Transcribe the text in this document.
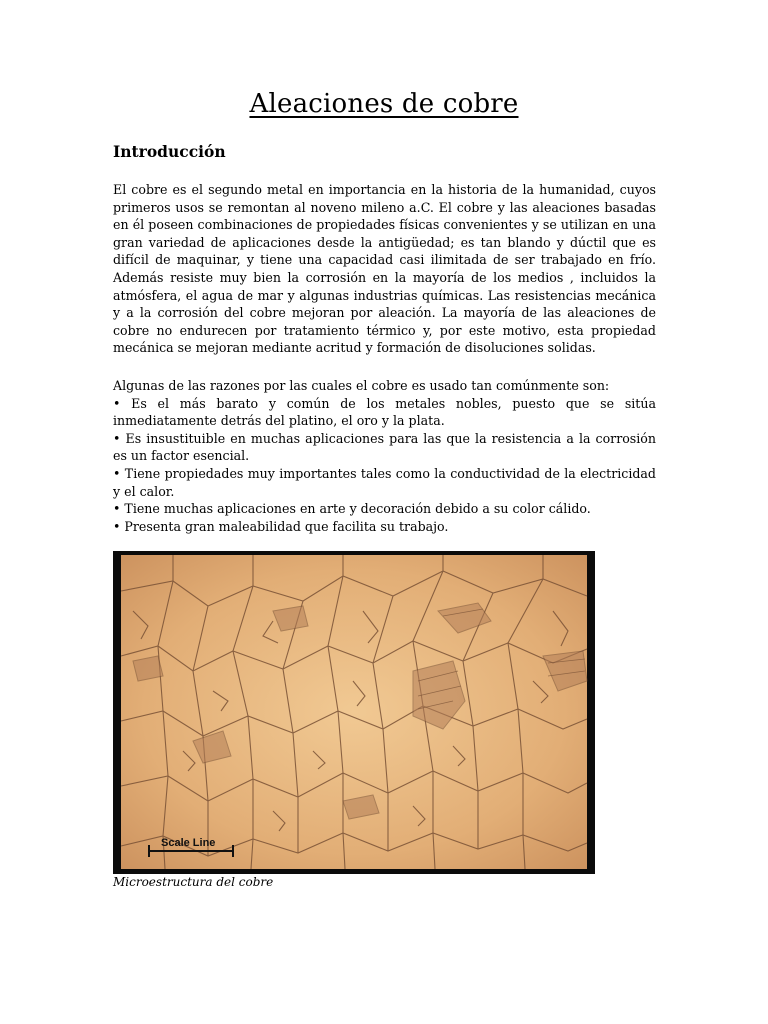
Aleaciones de cobre
Introducción

El cobre es el segundo metal en importancia en la historia de la humanidad, cuyos primeros usos se remontan al noveno mileno a.C. El cobre y las aleaciones basadas en él poseen combinaciones de propiedades físicas convenientes y se utilizan en una gran variedad de aplicaciones desde la antigüedad; es tan blando y dúctil que es difícil de maquinar, y tiene una capacidad casi ilimitada de ser trabajado en frío. Además resiste muy bien la corrosión en la mayoría de los medios , incluidos la atmósfera, el agua de mar y algunas industrias químicas. Las resistencias mecánica y a la corrosión del cobre mejoran por aleación. La mayoría de las aleaciones de cobre no endurecen por tratamiento térmico y, por este motivo, esta propiedad mecánica se mejoran mediante acritud y formación de disoluciones solidas.

Algunas de las razones por las cuales el cobre es usado tan comúnmente son:

• Es el más barato y común de los metales nobles, puesto que se sitúa inmediatamente detrás del platino, el oro y la plata.

• Es insustituible en muchas aplicaciones para las que la resistencia a la corrosión es un factor esencial.

• Tiene propiedades muy importantes tales como la conductividad de la electricidad y el calor.

• Tiene muchas aplicaciones en arte y decoración debido a su color cálido.

• Presenta gran maleabilidad que facilita su trabajo.

Scale Line

Microestructura del cobre
